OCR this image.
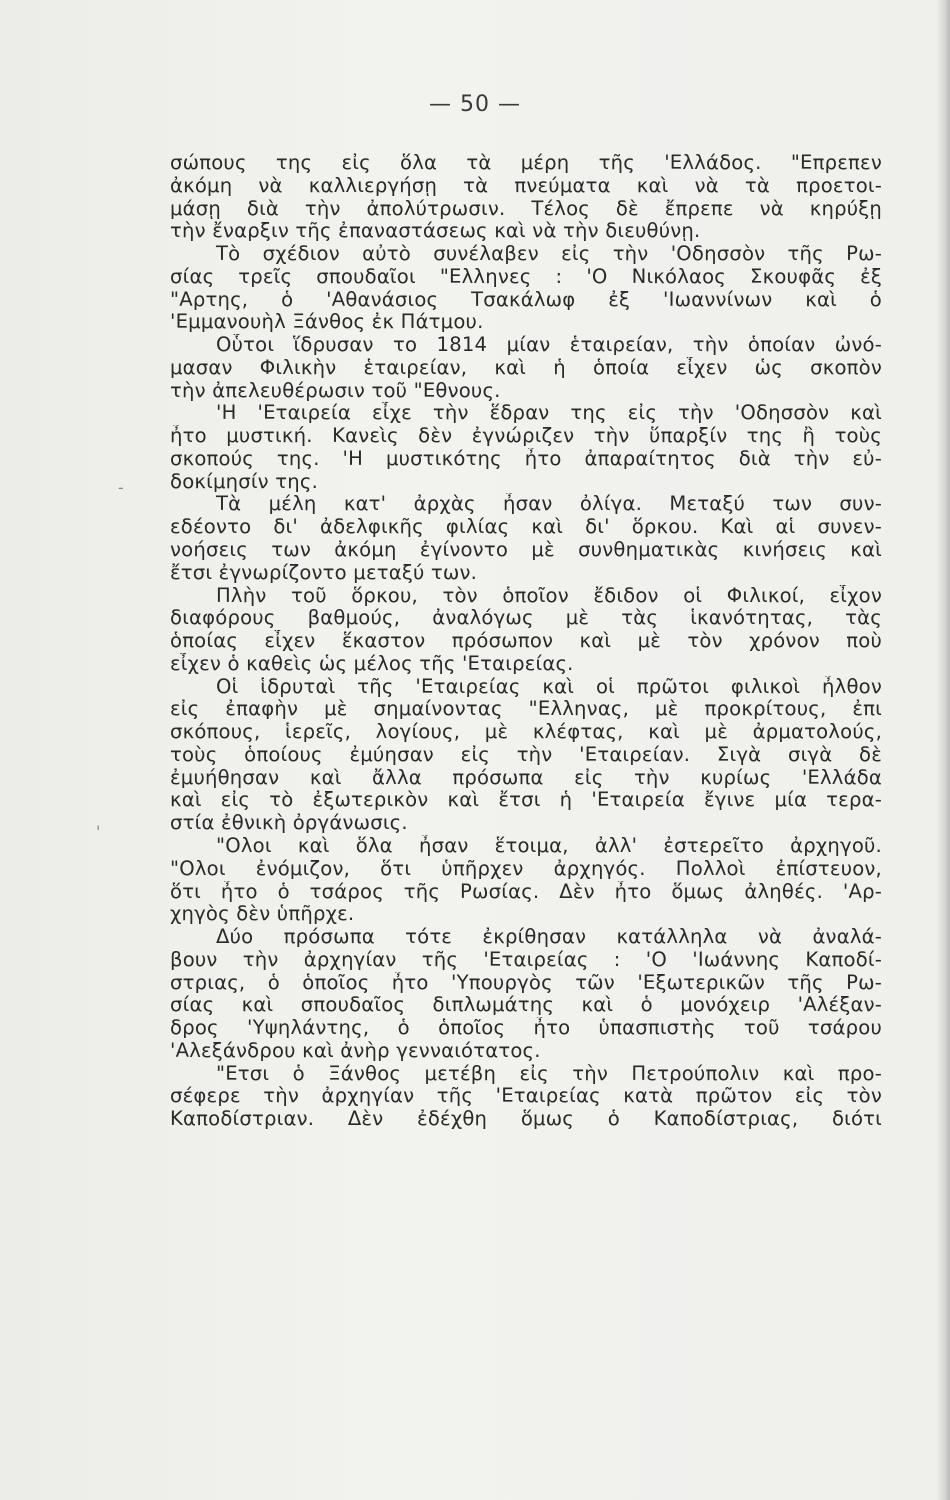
— 50 —
σώπους της εἰς ὅλα τὰ μέρη τῆς 'Ελλάδος. "Επρεπεν
ἀκόμη νὰ καλλιεργήσῃ τὰ πνεύματα καὶ νὰ τὰ προετοι-
μάσῃ διὰ τὴν ἀπολύτρωσιν. Τέλος δὲ ἔπρεπε νὰ κηρύξῃ
τὴν ἔναρξιν τῆς ἐπαναστάσεως καὶ νὰ τὴν διευθύνῃ.
Τὸ σχέδιον αὐτὸ συνέλαβεν εἰς τὴν 'Οδησσὸν τῆς Ρω-
σίας τρεῖς σπουδαῖοι "Ελληνες : 'Ο Νικόλαος Σκουφᾶς ἐξ
"Αρτης, ὁ 'Αθανάσιος Τσακάλωφ ἐξ 'Ιωαννίνων καὶ ὁ
'Εμμανουὴλ Ξάνθος ἐκ Πάτμου.
Οὗτοι ἵδρυσαν το 1814 μίαν ἑταιρείαν, τὴν ὁποίαν ὠνό-
μασαν Φιλικὴν ἑταιρείαν, καὶ ἡ ὁποία εἶχεν ὡς σκοπὸν
τὴν ἀπελευθέρωσιν τοῦ "Εθνους.
'Η 'Εταιρεία εἶχε τὴν ἕδραν της εἰς τὴν 'Οδησσὸν καὶ
ἦτο μυστική. Κανεὶς δὲν ἐγνώριζεν τὴν ὕπαρξίν της ἢ τοὺς
σκοπούς της. 'Η μυστικότης ἦτο ἀπαραίτητος διὰ τὴν εὐ-
δοκίμησίν της.
Τὰ μέλη κατ' ἀρχὰς ἦσαν ὀλίγα. Μεταξύ των συν-
εδέοντο δι' ἀδελφικῆς φιλίας καὶ δι' ὅρκου. Καὶ αἱ συνεν-
νοήσεις των ἀκόμη ἐγίνοντο μὲ συνθηματικὰς κινήσεις καὶ
ἔτσι ἐγνωρίζοντο μεταξύ των.
Πλὴν τοῦ ὅρκου, τὸν ὁποῖον ἔδιδον οἱ Φιλικοί, εἶχον
διαφόρους βαθμούς, ἀναλόγως μὲ τὰς ἱκανότητας, τὰς
ὁποίας εἶχεν ἕκαστον πρόσωπον καὶ μὲ τὸν χρόνον ποὺ
εἶχεν ὁ καθεὶς ὡς μέλος τῆς 'Εταιρείας.
Οἱ ἱδρυταὶ τῆς 'Εταιρείας καὶ οἱ πρῶτοι φιλικοὶ ἦλθον
εἰς ἐπαφὴν μὲ σημαίνοντας "Ελληνας, μὲ προκρίτους, ἐπι
σκόπους, ἱερεῖς, λογίους, μὲ κλέφτας, καὶ μὲ ἀρματολούς,
τοὺς ὁποίους ἐμύησαν εἰς τὴν 'Εταιρείαν. Σιγὰ σιγὰ δὲ
ἐμυήθησαν καὶ ἄλλα πρόσωπα εἰς τὴν κυρίως 'Ελλάδα
καὶ εἰς τὸ ἐξωτερικὸν καὶ ἔτσι ἡ 'Εταιρεία ἔγινε μία τερα-
στία ἐθνικὴ ὀργάνωσις.
"Ολοι καὶ ὅλα ἦσαν ἕτοιμα, ἀλλ' ἐστερεῖτο ἀρχηγοῦ.
"Ολοι ἐνόμιζον, ὅτι ὑπῆρχεν ἀρχηγός. Πολλοὶ ἐπίστευον,
ὅτι ἦτο ὁ τσάρος τῆς Ρωσίας. Δὲν ἦτο ὅμως ἀληθές. 'Αρ-
χηγὸς δὲν ὑπῆρχε.
Δύο πρόσωπα τότε ἐκρίθησαν κατάλληλα νὰ ἀναλά-
βουν τὴν ἀρχηγίαν τῆς 'Εταιρείας : 'Ο 'Ιωάννης Καποδί-
στριας, ὁ ὁποῖος ἦτο 'Υπουργὸς τῶν 'Εξωτερικῶν τῆς Ρω-
σίας καὶ σπουδαῖος διπλωμάτης καὶ ὁ μονόχειρ 'Αλέξαν-
δρος 'Υψηλάντης, ὁ ὁποῖος ἦτο ὑπασπιστὴς τοῦ τσάρου
'Αλεξάνδρου καὶ ἀνὴρ γενναιότατος.
"Ετσι ὁ Ξάνθος μετέβη εἰς τὴν Πετρούπολιν καὶ προ-
σέφερε τὴν ἀρχηγίαν τῆς 'Εταιρείας κατὰ πρῶτον εἰς τὸν
Καποδίστριαν. Δὲν ἐδέχθη ὅμως ὁ Καποδίστριας, διότι
-
'
